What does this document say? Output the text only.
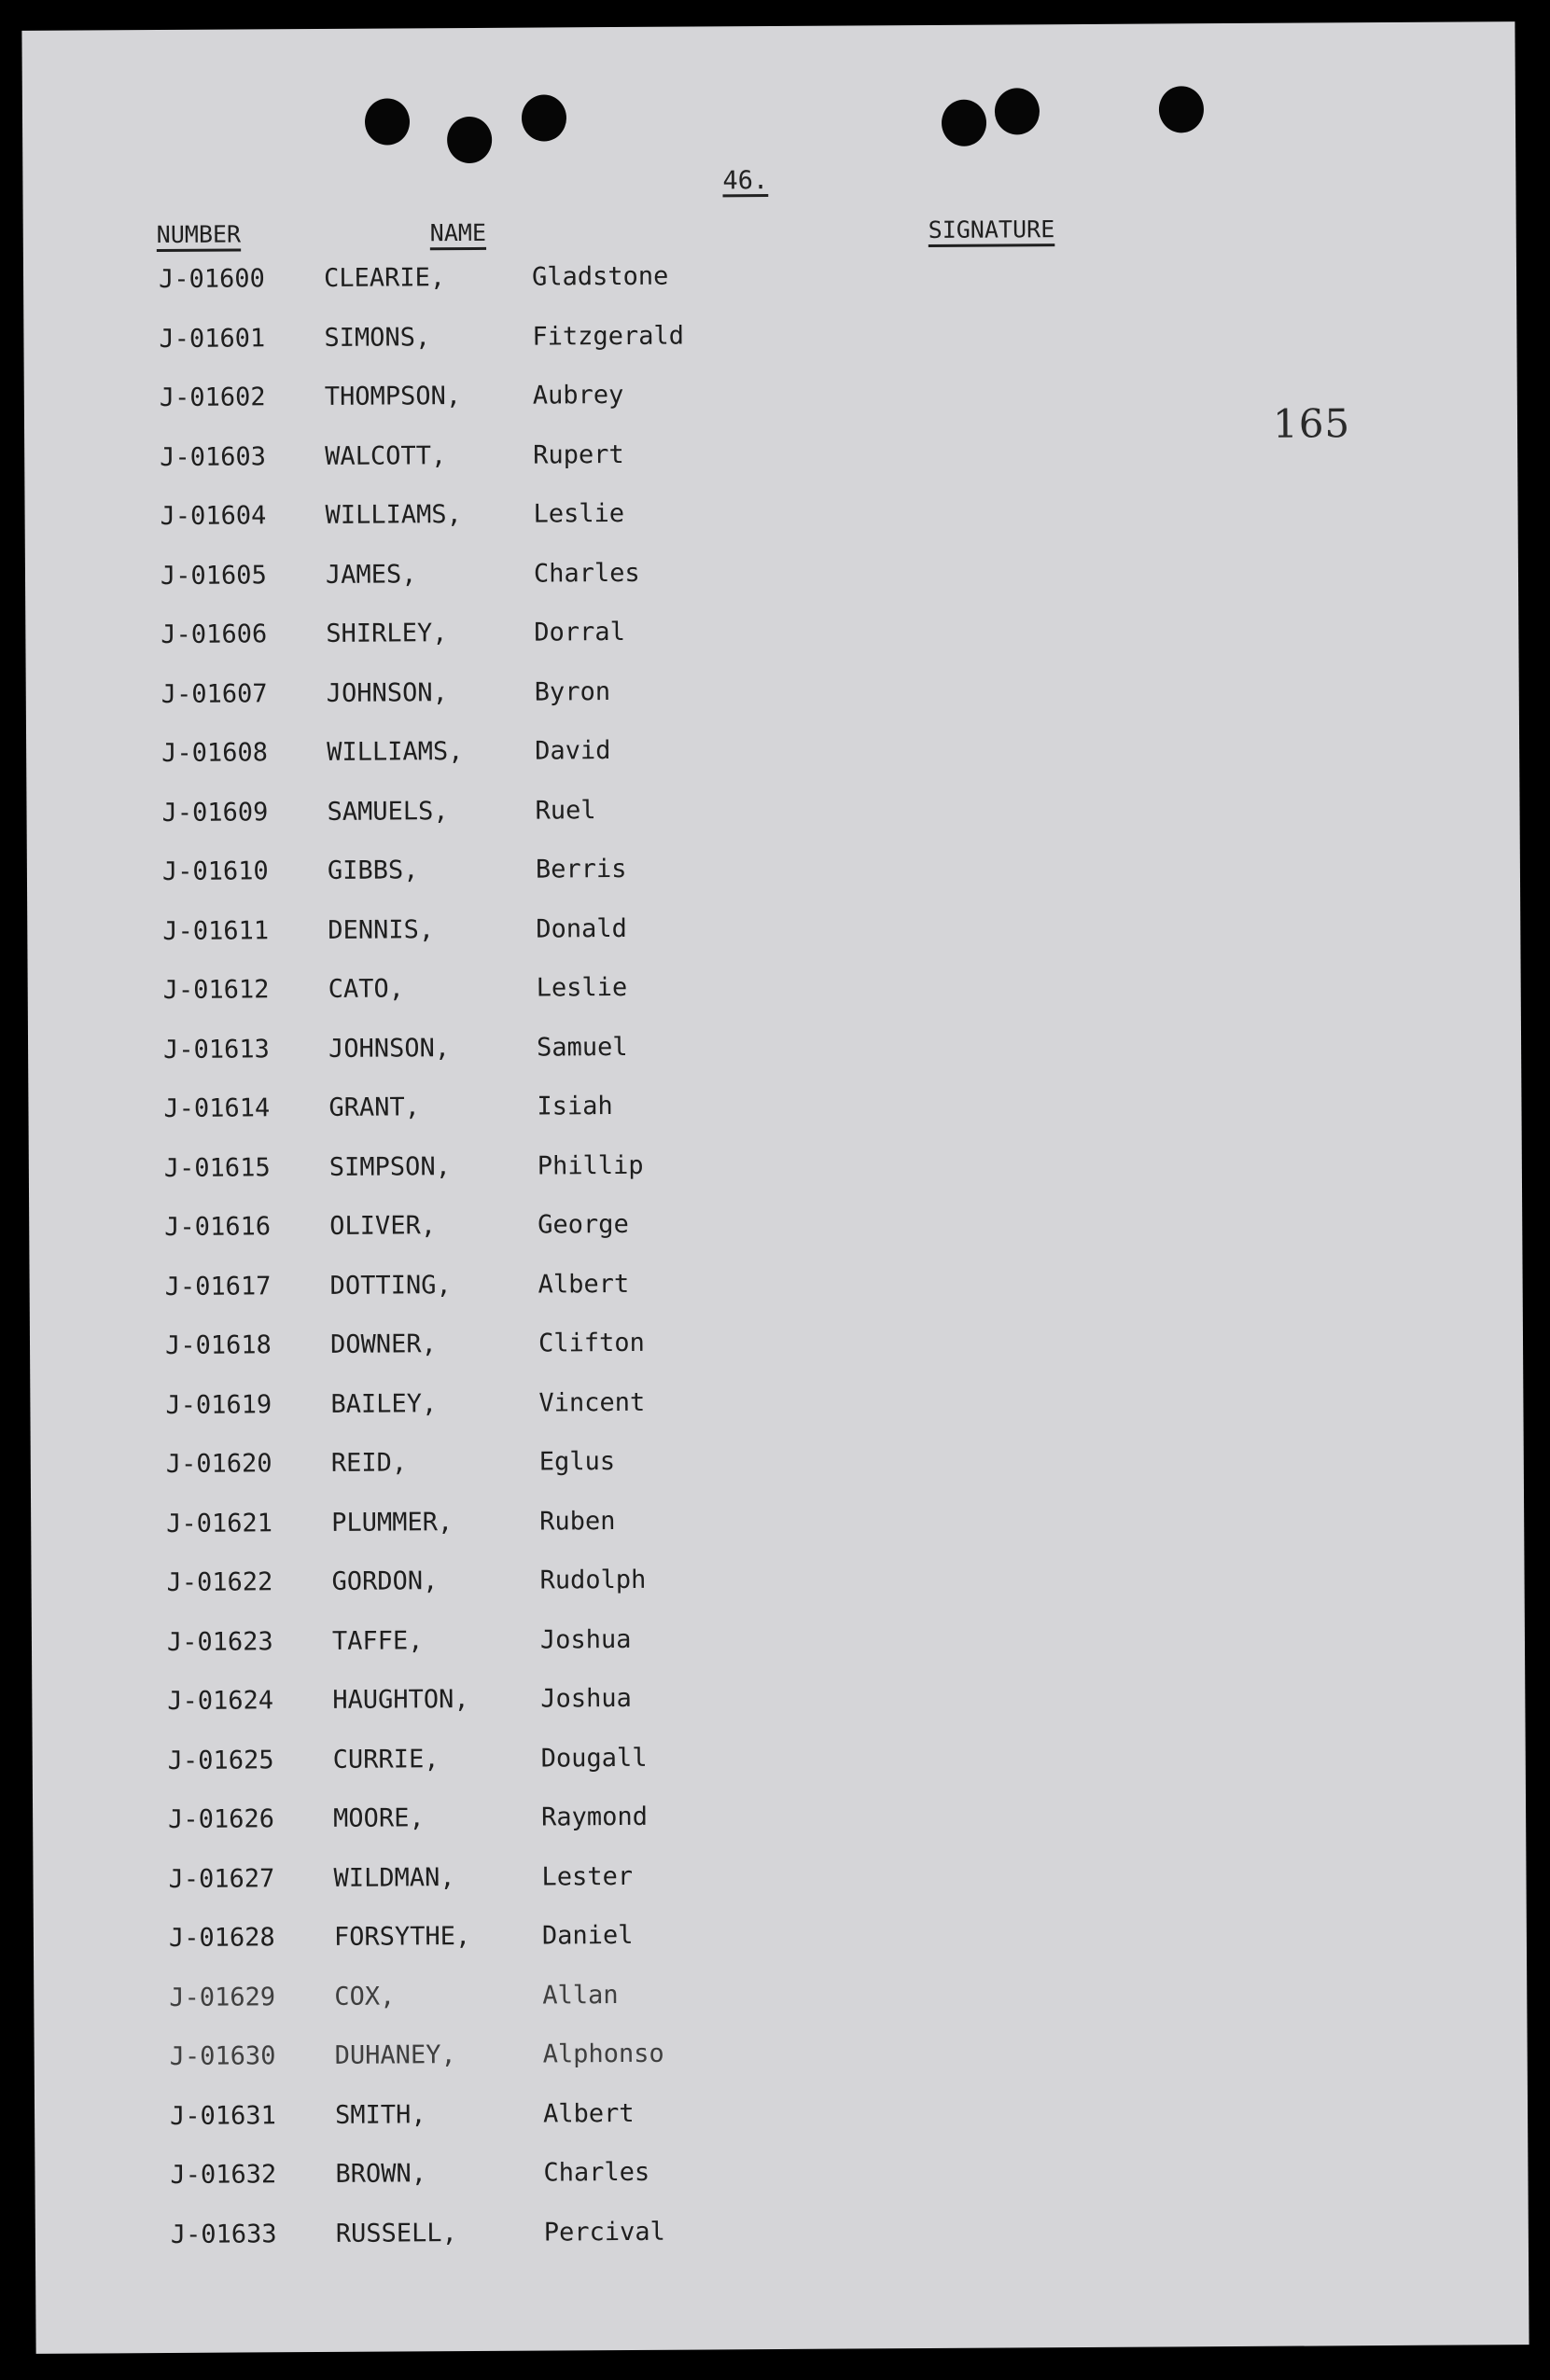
46.
NUMBER	NAME	SIGNATURE
165
J-01600 CLEARIE,	Gladstone
J-01601 SIMONS,	Fitzgerald
J-01602 THOMPSON,	Aubrey
J-01603 WALCOTT,	Rupert
J-01604 WILLIAMS,	Leslie
J-01605 JAMES,	Charles
J-01606 SHIRLEY,	Dorral
J-01607 JOHNSON,	Byron
J-01608 WILLIAMS,	David
J-01609 SAMUELS,	Ruel
J-01610 GIBBS,	Berris
J-01611 DENNIS,	Donald
J-01612 CATO,	Leslie
J-01613 JOHNSON,	Samuel
J-01614 GRANT,	Isiah
J-01615 SIMPSON,	Phillip
J-01616 OLIVER,	George
J-01617 DOTTING,	Albert
J-01618 DOWNER,	Clifton
J-01619 BAILEY,	Vincent
J-01620 REID,	Eglus
J-01621 PLUMMER,	Ruben
J-01622 GORDON,	Rudolph
J-01623 TAFFE,	Joshua
J-01624 HAUGHTON,	Joshua
J-01625 CURRIE,	Dougall
J-01626 MOORE,	Raymond
J-01627 WILDMAN,	Lester
J-01628 FORSYTHE,	Daniel
J-01629 COX,	Allan
J-01630 DUHANEY,	Alphonso
J-01631 SMITH,	Albert
J-01632 BROWN,	Charles
J-01633 RUSSELL,	Percival
